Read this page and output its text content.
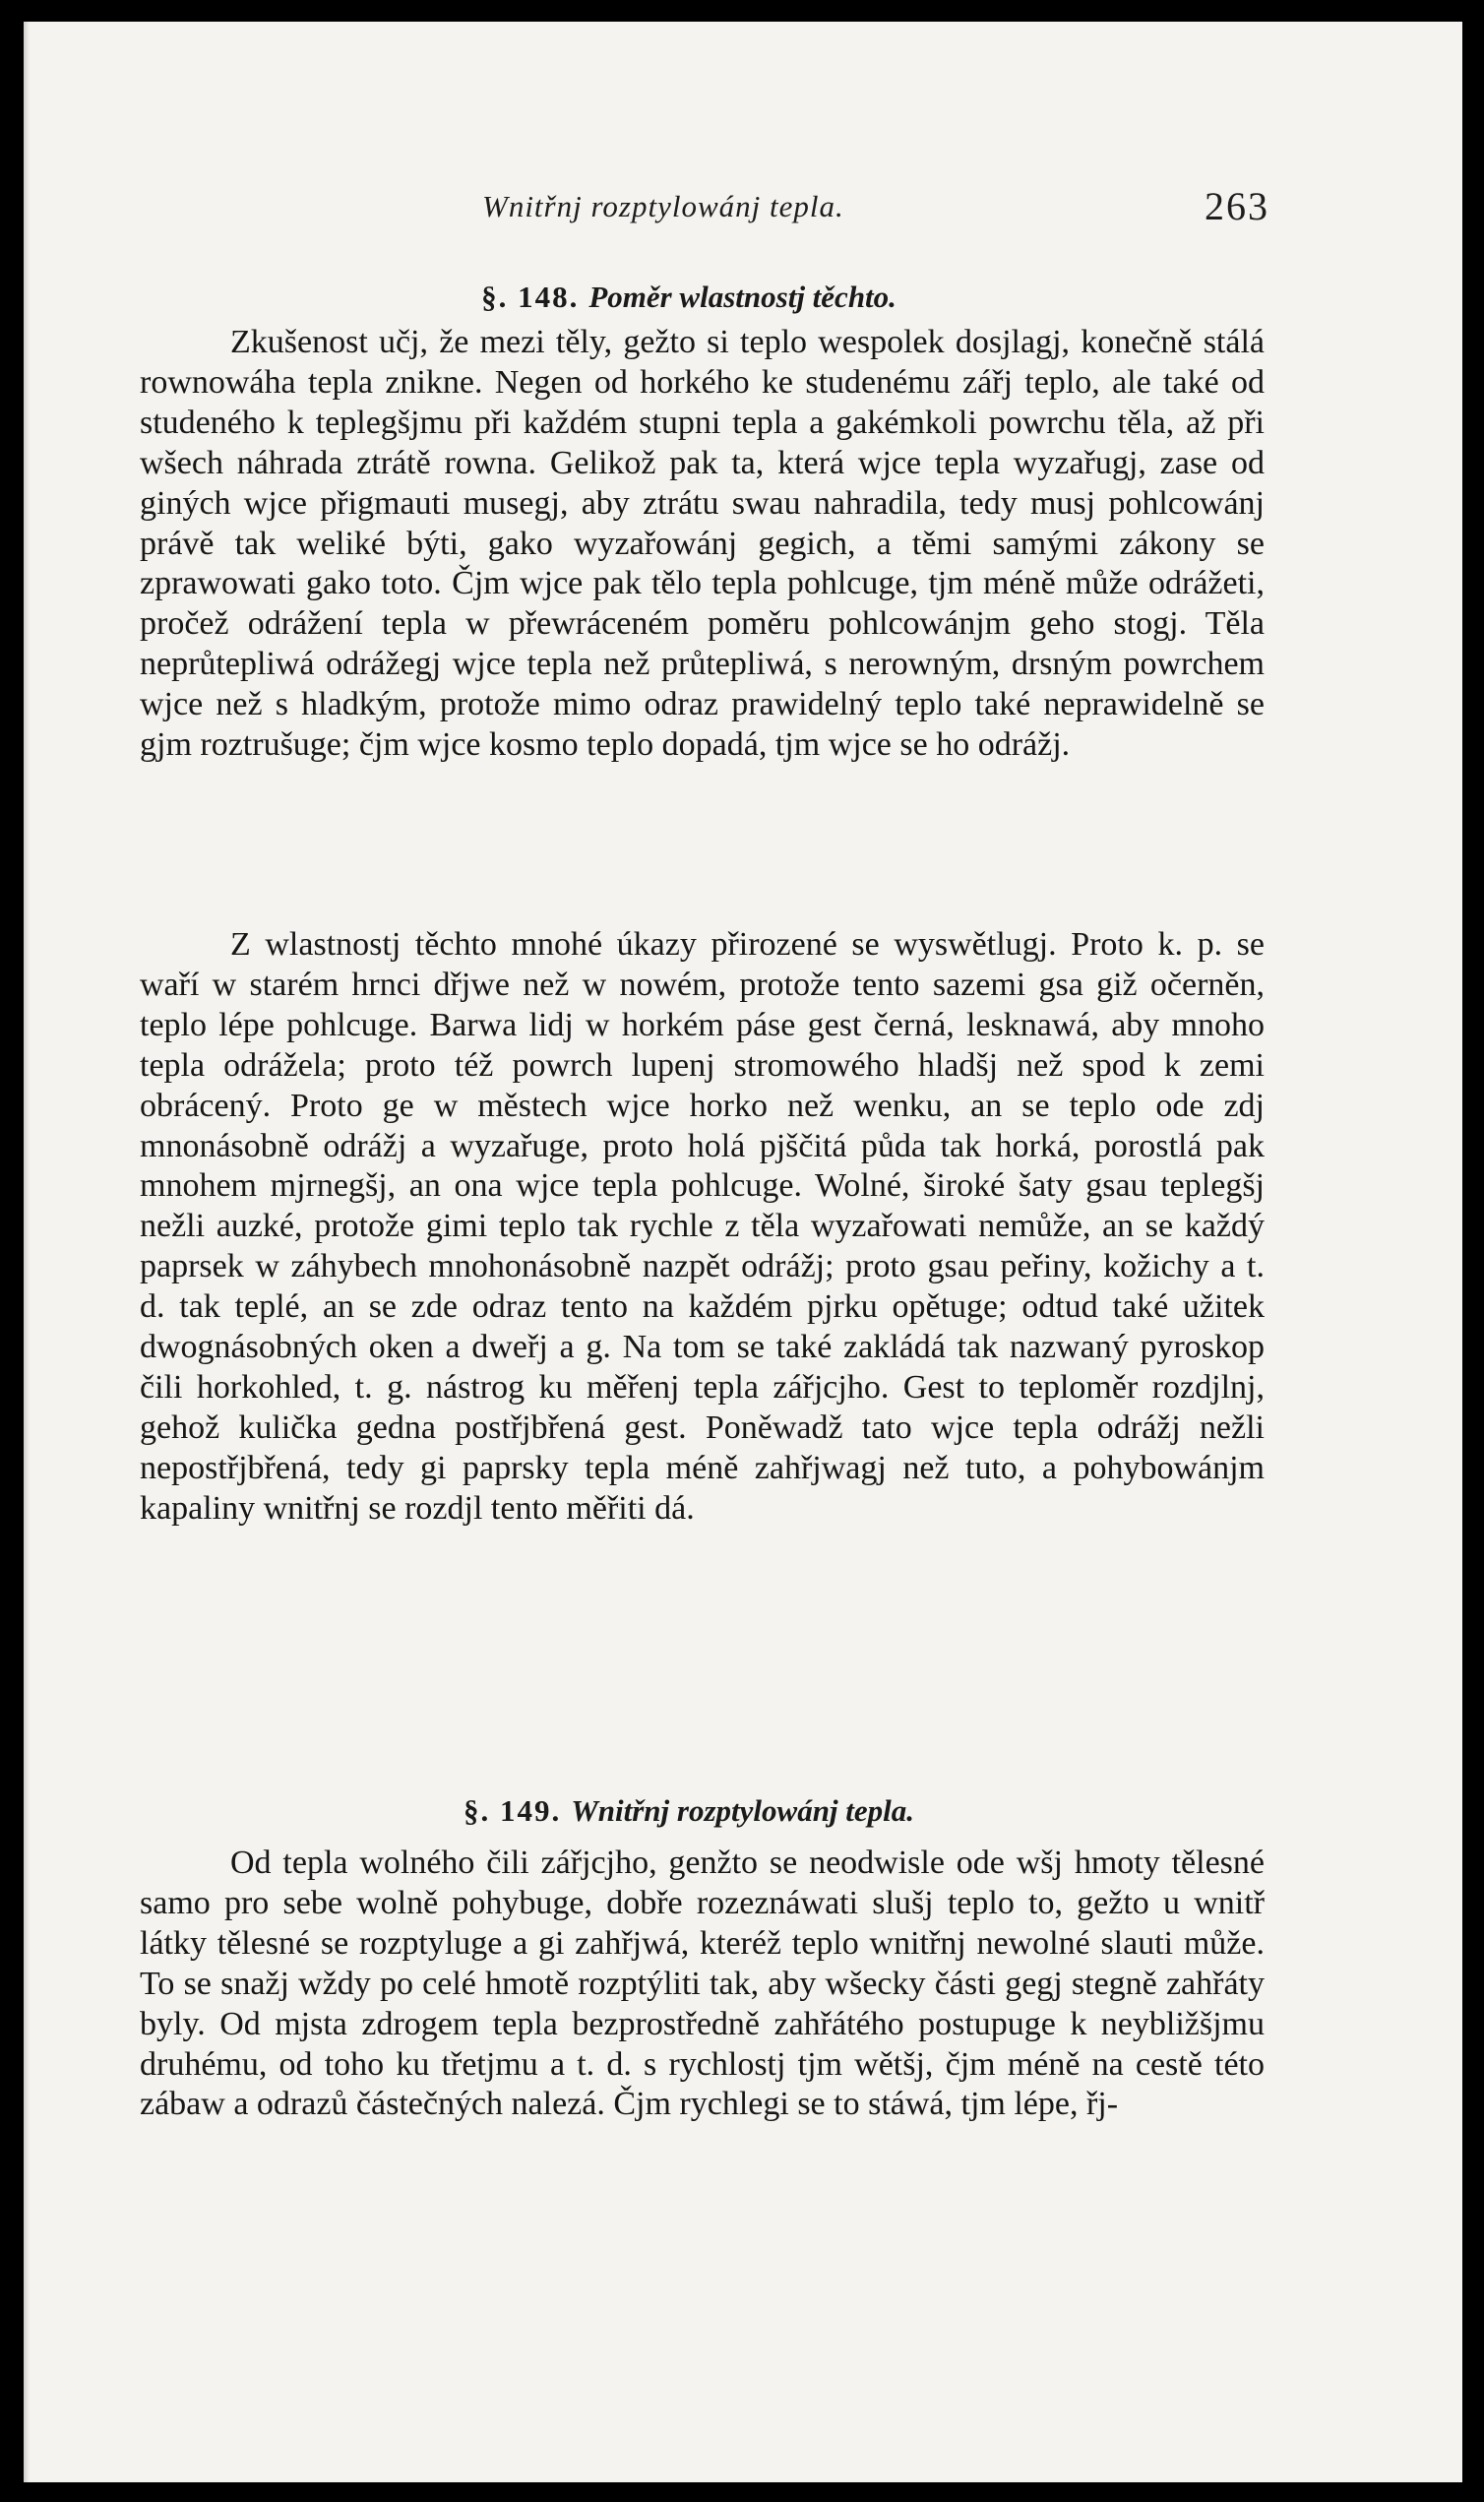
Wnitřnj rozptylowánj tepla.	263
§. 148. Poměr wlastnostj těchto.

Zkušenost učj, že mezi těly, gežto si teplo wespolek dosjlagj, konečně stálá rownowáha tepla znikne. Negen od horkého ke studenému zářj teplo, ale také od studeného k teplegšjmu při každém stupni tepla a gakémkoli powrchu těla, až při wšech náhrada ztrátě rowna. Gelikož pak ta, která wjce tepla wyzařugj, zase od giných wjce přigmauti musegj, aby ztrátu swau nahradila, tedy musj pohlcowánj právě tak weliké býti, gako wyzařowánj gegich, a těmi samými zákony se zprawowati gako toto. Čjm wjce pak tělo tepla pohlcuge, tjm méně může odrážeti, pročež odrážení tepla w přewráceném poměru pohlcowánjm geho stogj. Těla neprůtepliwá odrážegj wjce tepla než průtepliwá, s nerowným, drsným powrchem wjce než s hladkým, protože mimo odraz prawidelný teplo také neprawidelně se gjm roztrušuge; čjm wjce kosmo teplo dopadá, tjm wjce se ho odrážj.

Z wlastnostj těchto mnohé úkazy přirozené se wyswětlugj. Proto k. p. se waří w starém hrnci dřjwe než w nowém, protože tento sazemi gsa giž očerněn, teplo lépe pohlcuge. Barwa lidj w horkém páse gest černá, lesknawá, aby mnoho tepla odrážela; proto též powrch lupenj stromowého hladšj než spod k zemi obrácený. Proto ge w městech wjce horko než wenku, an se teplo ode zdj mnonásobně odrážj a wyzařuge, proto holá pjščitá půda tak horká, porostlá pak mnohem mjrnegšj, an ona wjce tepla pohlcuge. Wolné, široké šaty gsau teplegšj nežli auzké, protože gimi teplo tak rychle z těla wyzařowati nemůže, an se každý paprsek w záhybech mnohonásobně nazpět odrážj; proto gsau peřiny, kožichy a t. d. tak teplé, an se zde odraz tento na každém pjrku opětuge; odtud také užitek dwognásobných oken a dweřj a g. Na tom se také zakládá tak nazwaný pyroskop čili horkohled, t. g. nástrog ku měřenj tepla zářjcjho. Gest to teploměr rozdjlnj, gehož kulička gedna postřjbřená gest. Poněwadž tato wjce tepla odrážj nežli nepostřjbřená, tedy gi paprsky tepla méně zahřjwagj než tuto, a pohybowánjm kapaliny wnitřnj se rozdjl tento měřiti dá.

§. 149. Wnitřnj rozptylowánj tepla.

Od tepla wolného čili zářjcjho, genžto se neodwisle ode wšj hmoty tělesné samo pro sebe wolně pohybuge, dobře rozeznáwati slušj teplo to, gežto u wnitř látky tělesné se rozptyluge a gi zahřjwá, kteréž teplo wnitřnj newolné slauti může. To se snažj wždy po celé hmotě rozptýliti tak, aby wšecky části gegj stegně zahřáty byly. Od mjsta zdrogem tepla bezprostředně zahřátého postupuge k neybližšjmu druhému, od toho ku třetjmu a t. d. s rychlostj tjm wětšj, čjm méně na cestě této zábaw a odrazů částečných nalezá. Čjm rychlegi se to stáwá, tjm lépe, řj-
